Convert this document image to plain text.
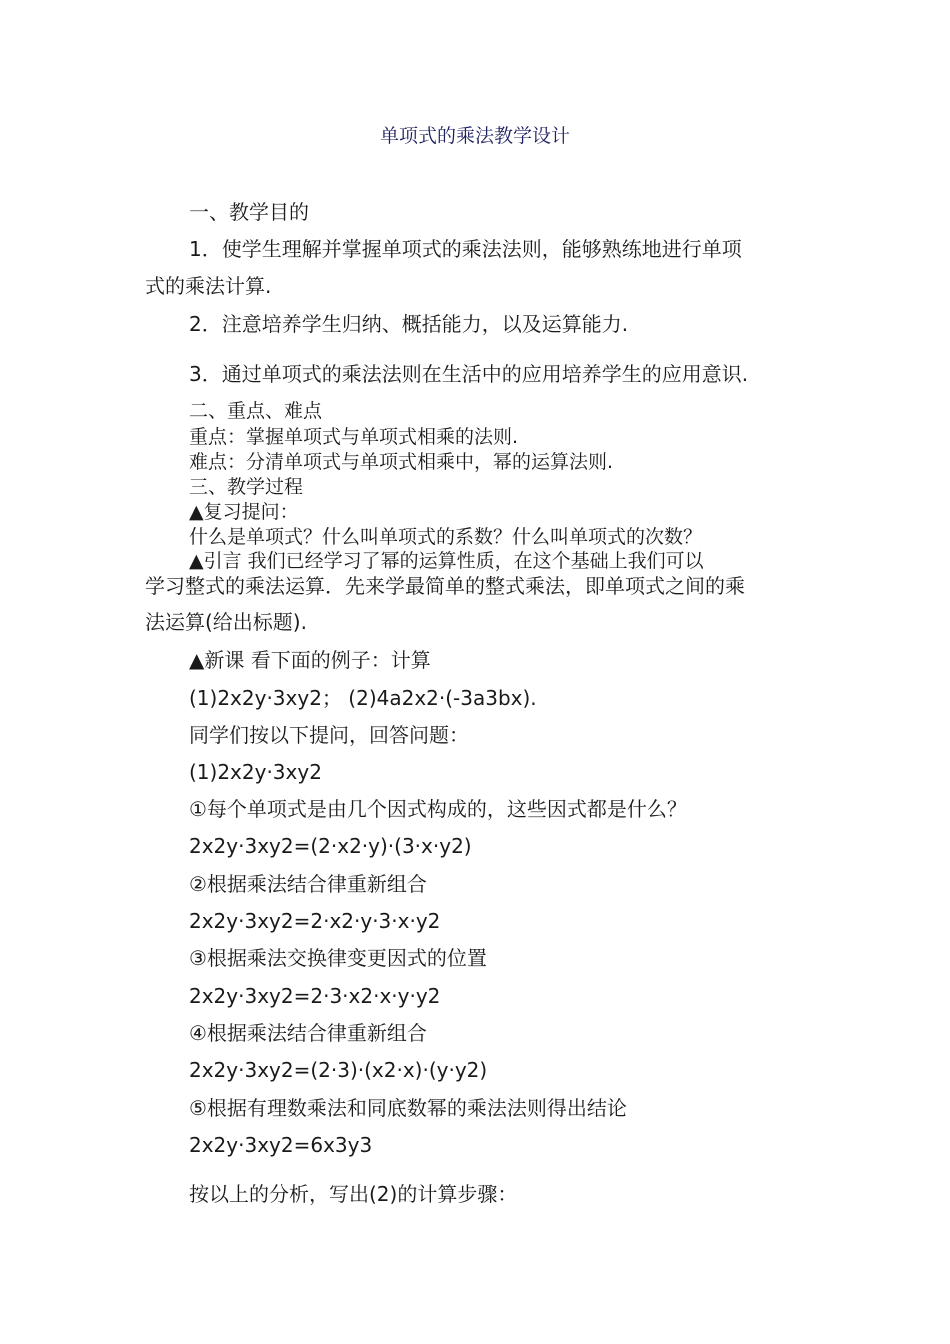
单项式的乘法教学设计
一、教学目的
1．使学生理解并掌握单项式的乘法法则，能够熟练地进行单项
式的乘法计算.
2．注意培养学生归纳、概括能力，以及运算能力.
3．通过单项式的乘法法则在生活中的应用培养学生的应用意识.
二、重点、难点
重点：掌握单项式与单项式相乘的法则.
难点：分清单项式与单项式相乘中，幂的运算法则.
三、教学过程
▲复习提问：
什么是单项式？什么叫单项式的系数？什么叫单项式的次数？
▲引言 我们已经学习了幂的运算性质，在这个基础上我们可以
学习整式的乘法运算．先来学最简单的整式乘法，即单项式之间的乘
法运算(给出标题).
▲新课 看下面的例子：计算
(1)2x2y·3xy2； (2)4a2x2·(-3a3bx).
同学们按以下提问，回答问题：
(1)2x2y·3xy2
①每个单项式是由几个因式构成的，这些因式都是什么？
2x2y·3xy2=(2·x2·y)·(3·x·y2)
②根据乘法结合律重新组合
2x2y·3xy2=2·x2·y·3·x·y2
③根据乘法交换律变更因式的位置
2x2y·3xy2=2·3·x2·x·y·y2
④根据乘法结合律重新组合
2x2y·3xy2=(2·3)·(x2·x)·(y·y2)
⑤根据有理数乘法和同底数幂的乘法法则得出结论
2x2y·3xy2=6x3y3
按以上的分析，写出(2)的计算步骤：
